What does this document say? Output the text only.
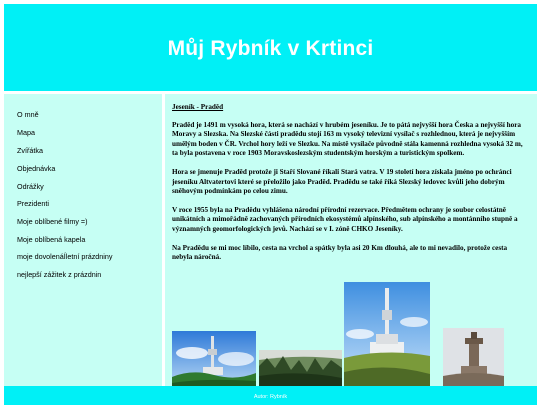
Můj Rybník v Krtinci
O mně
Mapa
Zvířátka
Objednávka
Odrážky
Prezidenti
Moje oblíbené filmy =)
Moje oblíbená kapela
moje dovolenáÍletní prázdniny
nejlepší zážitek z prázdnin
Jeseník - Praděd

Praděd je 1491 m vysoká hora, která se nachází v hrubém jeseníku. Je to pátá nejvyšší hora Česka a nejvyšší hora Moravy a Slezska. Na Slezské části pradědu stojí 163 m vysoký televizní vysílač s rozhlednou, která je nejvyšším umělým boden v ČR. Vrchol hory leží ve Slezku. Na místě vysílače původně stála kamenná rozhledna vysoká 32 m, ta byla postavena v roce 1903 Moravskoslezským studentským horským a turistickým spolkem.

Hora se jmenuje Praděd protože ji Staří Slované říkali Stará vatra. V 19 století hora získala jméno po ochránci jeseníku Altvatertovi které se přeložilo jako Praděd. Pradědu se také říká Slezský ledovec kvůli jeho dobrým sněhovým podmínkám po celou zimu.

V roce 1955 byla na Pradědu vyhlášena národní přírodní rezervace. Předmětem ochrany je soubor celostátně unikátních a mimořádně zachovaných přírodních ekosystémů alpínského, sub alpínského a montánního stupně a významných geomorfologických jevů. Nachází se v I. zóně CHKO Jeseníky.

Na Pradědu se mi moc líbilo, cesta na vrchol a spátky byla asi 20 Km dlouhá, ale to mi nevadilo, protože cesta nebyla náročná.

Autor: Rybník
